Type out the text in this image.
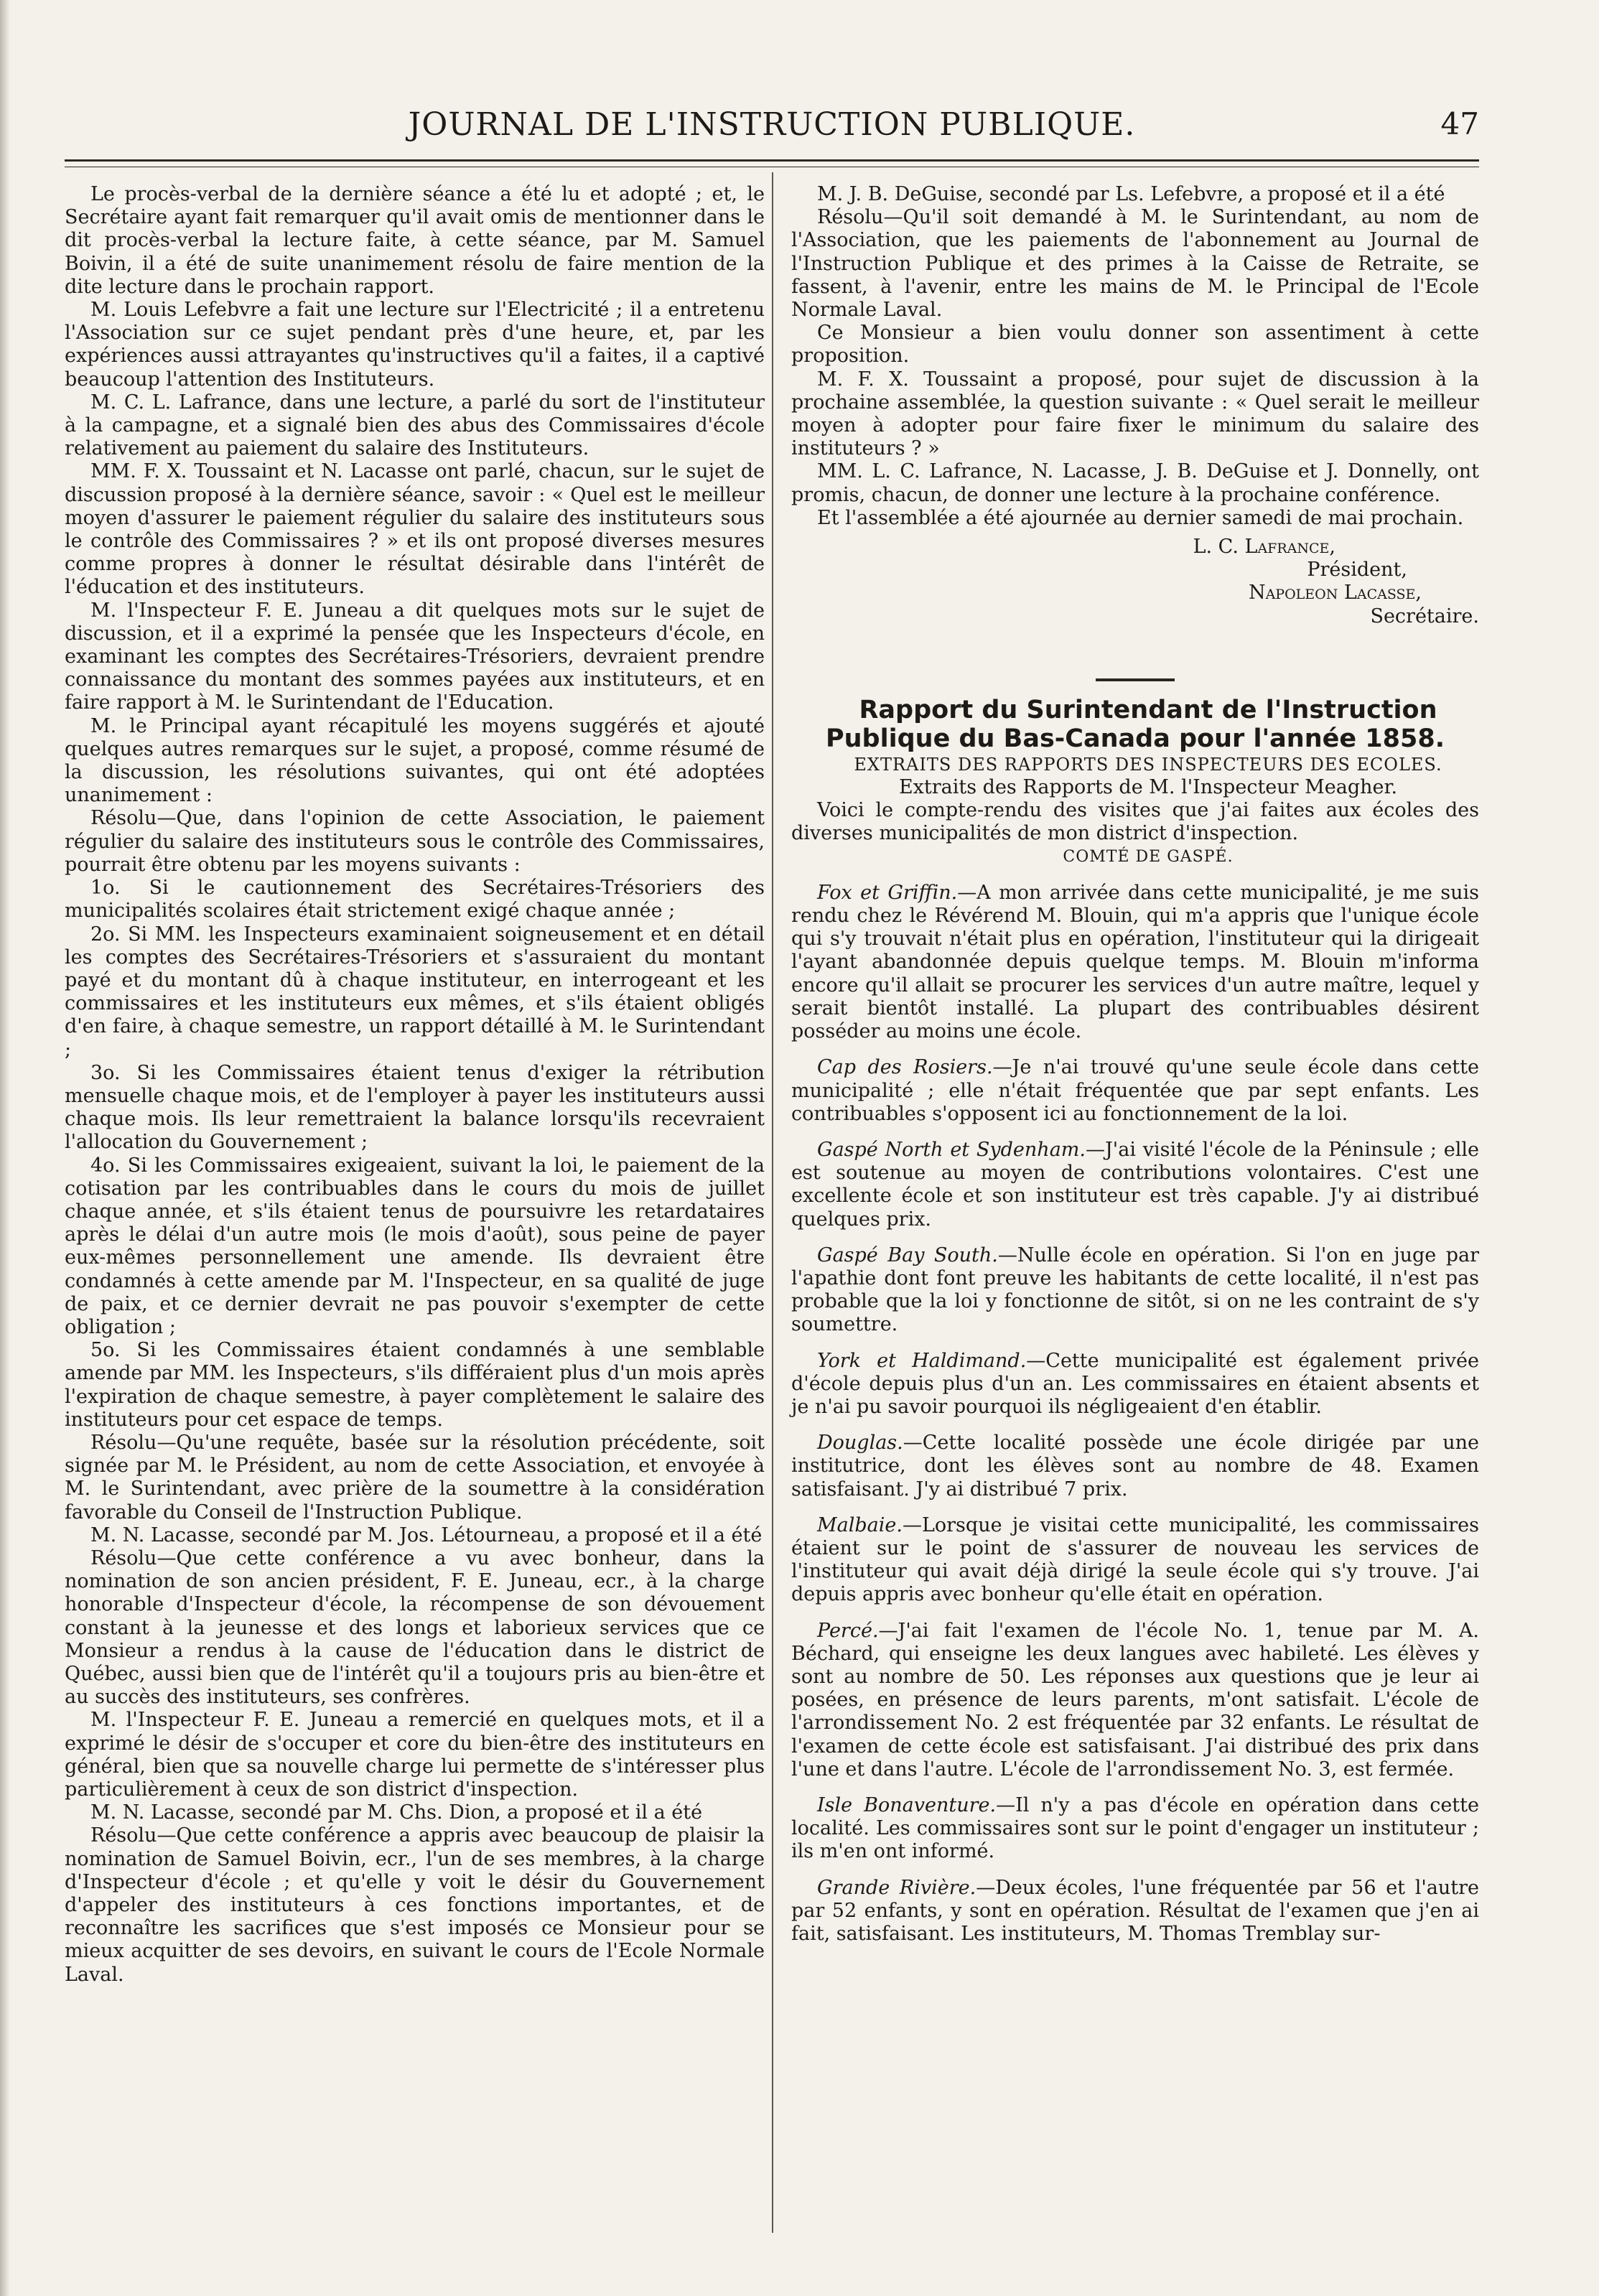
JOURNAL DE L'INSTRUCTION PUBLIQUE.	47

Le procès-verbal de la dernière séance a été lu et adopté ; et, le Secrétaire ayant fait remarquer qu'il avait omis de mentionner dans le dit procès-verbal la lecture faite, à cette séance, par M. Samuel Boivin, il a été de suite unanimement résolu de faire mention de la dite lecture dans le prochain rapport.

M. Louis Lefebvre a fait une lecture sur l'Electricité ; il a entretenu l'Association sur ce sujet pendant près d'une heure, et, par les expériences aussi attrayantes qu'instructives qu'il a faites, il a captivé beaucoup l'attention des Instituteurs.

M. C. L. Lafrance, dans une lecture, a parlé du sort de l'instituteur à la campagne, et a signalé bien des abus des Commissaires d'école relativement au paiement du salaire des Instituteurs.

MM. F. X. Toussaint et N. Lacasse ont parlé, chacun, sur le sujet de discussion proposé à la dernière séance, savoir : « Quel est le meilleur moyen d'assurer le paiement régulier du salaire des instituteurs sous le contrôle des Commissaires ? » et ils ont proposé diverses mesures comme propres à donner le résultat désirable dans l'intérêt de l'éducation et des instituteurs.

M. l'Inspecteur F. E. Juneau a dit quelques mots sur le sujet de discussion, et il a exprimé la pensée que les Inspecteurs d'école, en examinant les comptes des Secrétaires-Trésoriers, devraient prendre connaissance du montant des sommes payées aux instituteurs, et en faire rapport à M. le Surintendant de l'Education.

M. le Principal ayant récapitulé les moyens suggérés et ajouté quelques autres remarques sur le sujet, a proposé, comme résumé de la discussion, les résolutions suivantes, qui ont été adoptées unanimement :

Résolu—Que, dans l'opinion de cette Association, le paiement régulier du salaire des instituteurs sous le contrôle des Commissaires, pourrait être obtenu par les moyens suivants :

1o. Si le cautionnement des Secrétaires-Trésoriers des municipalités scolaires était strictement exigé chaque année ;

2o. Si MM. les Inspecteurs examinaient soigneusement et en détail les comptes des Secrétaires-Trésoriers et s'assuraient du montant payé et du montant dû à chaque instituteur, en interrogeant et les commissaires et les instituteurs eux mêmes, et s'ils étaient obligés d'en faire, à chaque semestre, un rapport détaillé à M. le Surintendant ;

3o. Si les Commissaires étaient tenus d'exiger la rétribution mensuelle chaque mois, et de l'employer à payer les instituteurs aussi chaque mois. Ils leur remettraient la balance lorsqu'ils recevraient l'allocation du Gouvernement ;

4o. Si les Commissaires exigeaient, suivant la loi, le paiement de la cotisation par les contribuables dans le cours du mois de juillet chaque année, et s'ils étaient tenus de poursuivre les retardataires après le délai d'un autre mois (le mois d'août), sous peine de payer eux-mêmes personnellement une amende. Ils devraient être condamnés à cette amende par M. l'Inspecteur, en sa qualité de juge de paix, et ce dernier devrait ne pas pouvoir s'exempter de cette obligation ;

5o. Si les Commissaires étaient condamnés à une semblable amende par MM. les Inspecteurs, s'ils différaient plus d'un mois après l'expiration de chaque semestre, à payer complètement le salaire des instituteurs pour cet espace de temps.

Résolu—Qu'une requête, basée sur la résolution précédente, soit signée par M. le Président, au nom de cette Association, et envoyée à M. le Surintendant, avec prière de la soumettre à la considération favorable du Conseil de l'Instruction Publique.

M. N. Lacasse, secondé par M. Jos. Létourneau, a proposé et il a été

Résolu—Que cette conférence a vu avec bonheur, dans la nomination de son ancien président, F. E. Juneau, ecr., à la charge honorable d'Inspecteur d'école, la récompense de son dévouement constant à la jeunesse et des longs et laborieux services que ce Monsieur a rendus à la cause de l'éducation dans le district de Québec, aussi bien que de l'intérêt qu'il a toujours pris au bien-être et au succès des instituteurs, ses confrères.

M. l'Inspecteur F. E. Juneau a remercié en quelques mots, et il a exprimé le désir de s'occuper et core du bien-être des instituteurs en général, bien que sa nouvelle charge lui permette de s'intéresser plus particulièrement à ceux de son district d'inspection.

M. N. Lacasse, secondé par M. Chs. Dion, a proposé et il a été

Résolu—Que cette conférence a appris avec beaucoup de plaisir la nomination de Samuel Boivin, ecr., l'un de ses membres, à la charge d'Inspecteur d'école ; et qu'elle y voit le désir du Gouvernement d'appeler des instituteurs à ces fonctions importantes, et de reconnaître les sacrifices que s'est imposés ce Monsieur pour se mieux acquitter de ses devoirs, en suivant le cours de l'Ecole Normale Laval.

M. J. B. DeGuise, secondé par Ls. Lefebvre, a proposé et il a été

Résolu—Qu'il soit demandé à M. le Surintendant, au nom de l'Association, que les paiements de l'abonnement au Journal de l'Instruction Publique et des primes à la Caisse de Retraite, se fassent, à l'avenir, entre les mains de M. le Principal de l'Ecole Normale Laval.

Ce Monsieur a bien voulu donner son assentiment à cette proposition.

M. F. X. Toussaint a proposé, pour sujet de discussion à la prochaine assemblée, la question suivante : « Quel serait le meilleur moyen à adopter pour faire fixer le minimum du salaire des instituteurs ? »

MM. L. C. Lafrance, N. Lacasse, J. B. DeGuise et J. Donnelly, ont promis, chacun, de donner une lecture à la prochaine conférence.

Et l'assemblée a été ajournée au dernier samedi de mai prochain.

L. C. Lafrance,

Président,

Napoleon Lacasse,

Secrétaire.

Rapport du Surintendant de l'Instruction Publique du Bas-Canada pour l'année 1858.

EXTRAITS DES RAPPORTS DES INSPECTEURS DES ECOLES.

Extraits des Rapports de M. l'Inspecteur Meagher.

Voici le compte-rendu des visites que j'ai faites aux écoles des diverses municipalités de mon district d'inspection.

COMTÉ DE GASPÉ.

Fox et Griffin.—A mon arrivée dans cette municipalité, je me suis rendu chez le Révérend M. Blouin, qui m'a appris que l'unique école qui s'y trouvait n'était plus en opération, l'instituteur qui la dirigeait l'ayant abandonnée depuis quelque temps. M. Blouin m'informa encore qu'il allait se procurer les services d'un autre maître, lequel y serait bientôt installé. La plupart des contribuables désirent posséder au moins une école.

Cap des Rosiers.—Je n'ai trouvé qu'une seule école dans cette municipalité ; elle n'était fréquentée que par sept enfants. Les contribuables s'opposent ici au fonctionnement de la loi.

Gaspé North et Sydenham.—J'ai visité l'école de la Péninsule ; elle est soutenue au moyen de contributions volontaires. C'est une excellente école et son instituteur est très capable. J'y ai distribué quelques prix.

Gaspé Bay South.—Nulle école en opération. Si l'on en juge par l'apathie dont font preuve les habitants de cette localité, il n'est pas probable que la loi y fonctionne de sitôt, si on ne les contraint de s'y soumettre.

York et Haldimand.—Cette municipalité est également privée d'école depuis plus d'un an. Les commissaires en étaient absents et je n'ai pu savoir pourquoi ils négligeaient d'en établir.

Douglas.—Cette localité possède une école dirigée par une institutrice, dont les élèves sont au nombre de 48. Examen satisfaisant. J'y ai distribué 7 prix.

Malbaie.—Lorsque je visitai cette municipalité, les commissaires étaient sur le point de s'assurer de nouveau les services de l'instituteur qui avait déjà dirigé la seule école qui s'y trouve. J'ai depuis appris avec bonheur qu'elle était en opération.

Percé.—J'ai fait l'examen de l'école No. 1, tenue par M. A. Béchard, qui enseigne les deux langues avec habileté. Les élèves y sont au nombre de 50. Les réponses aux questions que je leur ai posées, en présence de leurs parents, m'ont satisfait. L'école de l'arrondissement No. 2 est fréquentée par 32 enfants. Le résultat de l'examen de cette école est satisfaisant. J'ai distribué des prix dans l'une et dans l'autre. L'école de l'arrondissement No. 3, est fermée.

Isle Bonaventure.—Il n'y a pas d'école en opération dans cette localité. Les commissaires sont sur le point d'engager un instituteur ; ils m'en ont informé.

Grande Rivière.—Deux écoles, l'une fréquentée par 56 et l'autre par 52 enfants, y sont en opération. Résultat de l'examen que j'en ai fait, satisfaisant. Les instituteurs, M. Thomas Tremblay sur-
